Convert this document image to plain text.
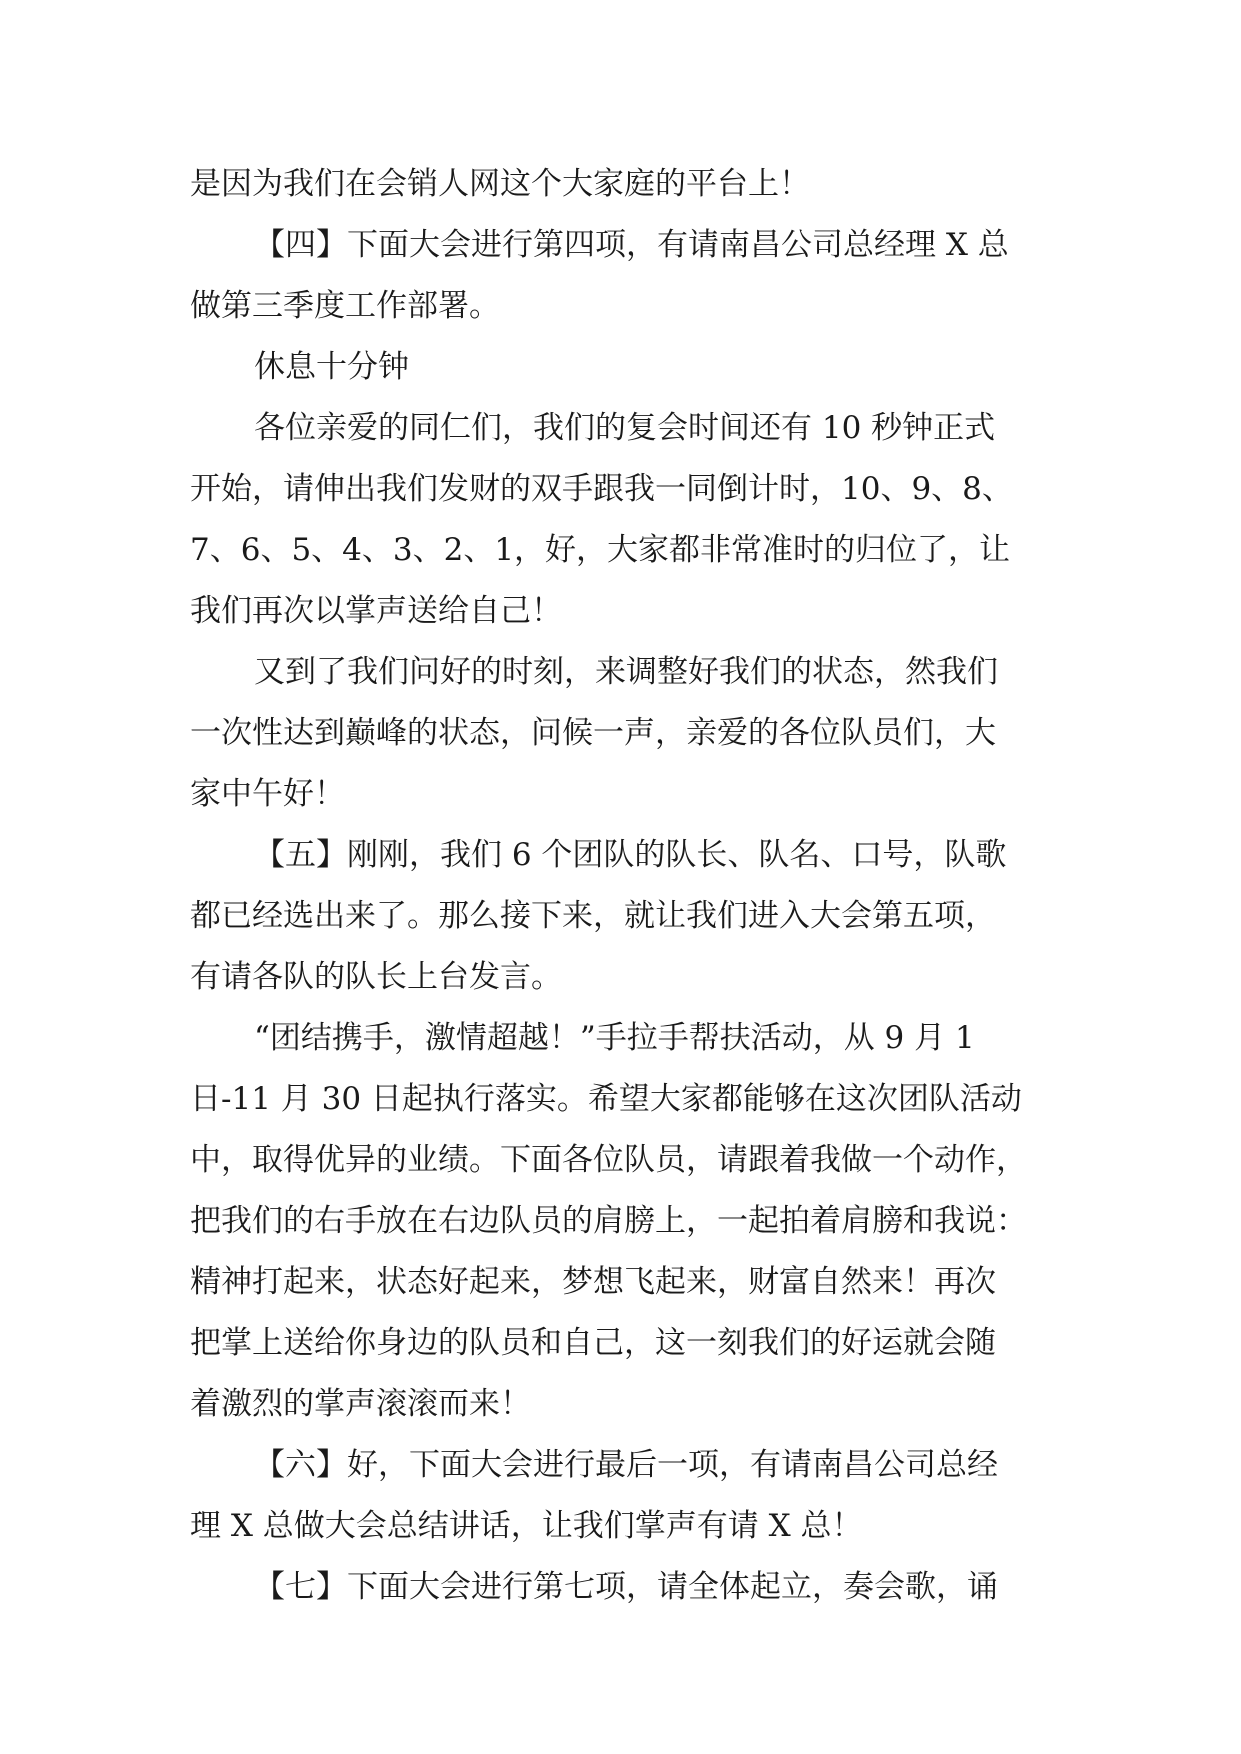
是因为我们在会销人网这个大家庭的平台上！
【四】下面大会进行第四项，有请南昌公司总经理 X 总
做第三季度工作部署。
休息十分钟
各位亲爱的同仁们，我们的复会时间还有 10 秒钟正式
开始，请伸出我们发财的双手跟我一同倒计时，10、9、8、
7、6、5、4、3、2、1，好，大家都非常准时的归位了，让
我们再次以掌声送给自己！
又到了我们问好的时刻，来调整好我们的状态，然我们
一次性达到巅峰的状态，问候一声，亲爱的各位队员们，大
家中午好！
【五】刚刚，我们 6 个团队的队长、队名、口号，队歌
都已经选出来了。那么接下来，就让我们进入大会第五项，
有请各队的队长上台发言。
“团结携手，激情超越！”手拉手帮扶活动，从 9 月 1
日-11 月 30 日起执行落实。希望大家都能够在这次团队活动
中，取得优异的业绩。下面各位队员，请跟着我做一个动作，
把我们的右手放在右边队员的肩膀上，一起拍着肩膀和我说：
精神打起来，状态好起来，梦想飞起来，财富自然来！再次
把掌上送给你身边的队员和自己，这一刻我们的好运就会随
着激烈的掌声滚滚而来！
【六】好，下面大会进行最后一项，有请南昌公司总经
理 X 总做大会总结讲话，让我们掌声有请 X 总！
【七】下面大会进行第七项，请全体起立，奏会歌，诵
